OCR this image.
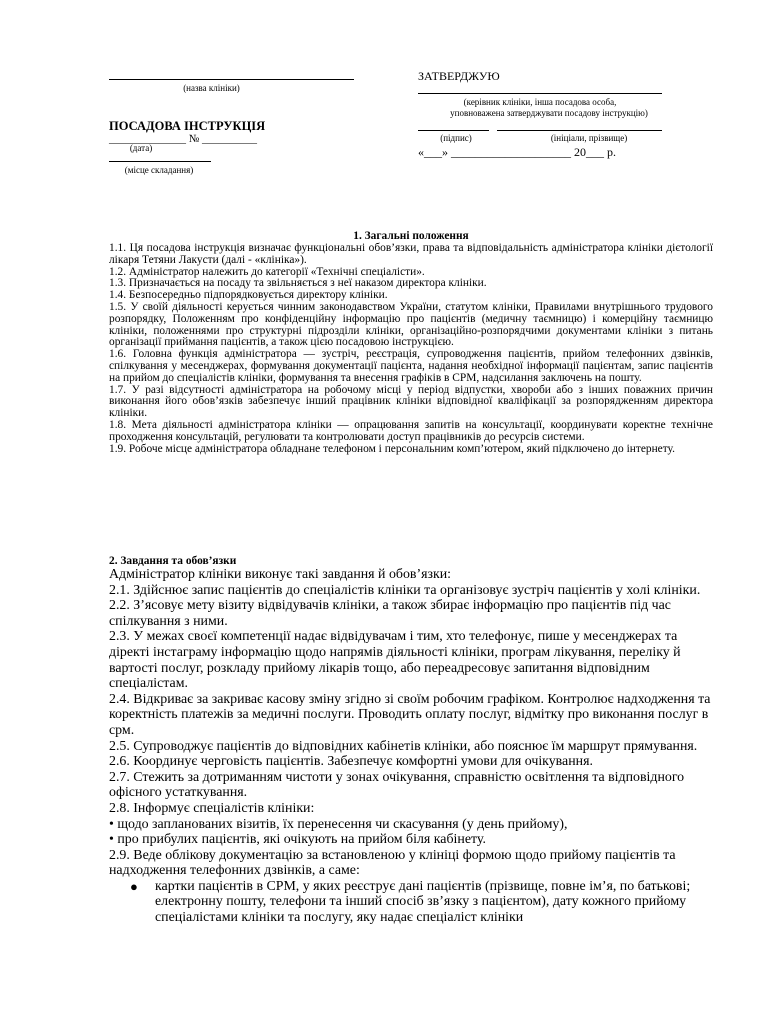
(назва клініки)
ЗАТВЕРДЖУЮ
(керівник клініки, інша посадова особа,
уповноважена затверджувати посадову інструкцію)
ПОСАДОВА ІНСТРУКЦІЯ
______________ № __________
(дата)
(підпис)	(ініціали, прізвище)
«___» ____________________ 20___ р.
(місце складання)
1. Загальні положення

1.1. Ця посадова інструкція визначає функціональні обов’язки, права та відповідальність адміністратора клініки дієтології лікаря Тетяни Лакусти (далі - «клініка»).

1.2. Адміністратор належить до категорії «Технічні спеціалісти».

1.3. Призначається на посаду та звільняється з неї наказом директора клініки.

1.4. Безпосередньо підпорядковується директору клініки.

1.5. У своїй діяльності керується чинним законодавством України, статутом клініки, Правилами внутрішнього трудового розпорядку, Положенням про конфіденційну інформацію про пацієнтів (медичну таємницю) і комерційну таємницю клініки, положеннями про структурні підрозділи клініки, організаційно-розпорядчими документами клініки з питань організації приймання пацієнтів, а також цією посадовою інструкцією.

1.6. Головна функція адміністратора — зустріч, реєстрація, супроводження пацієнтів, прийом телефонних дзвінків, спілкування у месенджерах, формування документації пацієнта, надання необхідної інформації пацієнтам, запис пацієнтів на прийом до спеціалістів клініки, формування та внесення графіків в СРМ, надсилання заключень на пошту.

1.7. У разі відсутності адміністратора на робочому місці у період відпустки, хвороби або з інших поважних причин виконання його обов’язків забезпечує інший працівник клініки відповідної кваліфікації за розпорядженням директора клініки.

1.8. Мета діяльності адміністратора клініки — опрацювання запитів на консультації, координувати коректне технічне проходження консультацій, регулювати та контролювати доступ працівників до ресурсів системи.

1.9. Робоче місце адміністратора обладнане телефоном і персональним комп’ютером, який підключено до інтернету.

2. Завдання та обов’язки

Адміністратор клініки виконує такі завдання й обов’язки:

2.1. Здійснює запис пацієнтів до спеціалістів клініки та організовує зустріч пацієнтів у холі клініки.

2.2. З’ясовує мету візиту відвідувачів клініки, а також збирає інформацію про пацієнтів під час спілкування з ними.

2.3. У межах своєї компетенції надає відвідувачам і тим, хто телефонує, пише у месенджерах та діректі інстаграму інформацію щодо напрямів діяльності клініки, програм лікування, переліку й вартості послуг, розкладу прийому лікарів тощо, або переадресовує запитання відповідним спеціалістам.

2.4. Відкриває за закриває касову зміну згідно зі своїм робочим графіком. Контролює надходження та коректність платежів за медичні послуги. Проводить оплату послуг, відмітку про виконання послуг в срм.

2.5. Супроводжує пацієнтів до відповідних кабінетів клініки, або пояснює їм маршрут прямування.

2.6. Координує черговість пацієнтів. Забезпечує комфортні умови для очікування.

2.7. Стежить за дотриманням чистоти у зонах очікування, справністю освітлення та відповідного офісного устаткування.

2.8. Інформує спеціалістів клініки:

• щодо запланованих візитів, їх перенесення чи скасування (у день прийому),

• про прибулих пацієнтів, які очікують на прийом біля кабінету.

2.9. Веде облікову документацію за встановленою у клініці формою щодо прийому пацієнтів та надходження телефонних дзвінків, а саме:

● картки пацієнтів в СРМ, у яких реєструє дані пацієнтів (прізвище, повне ім’я, по батькові; електронну пошту, телефони та інший спосіб зв’язку з пацієнтом), дату кожного прийому спеціалістами клініки та послугу, яку надає спеціаліст клініки
